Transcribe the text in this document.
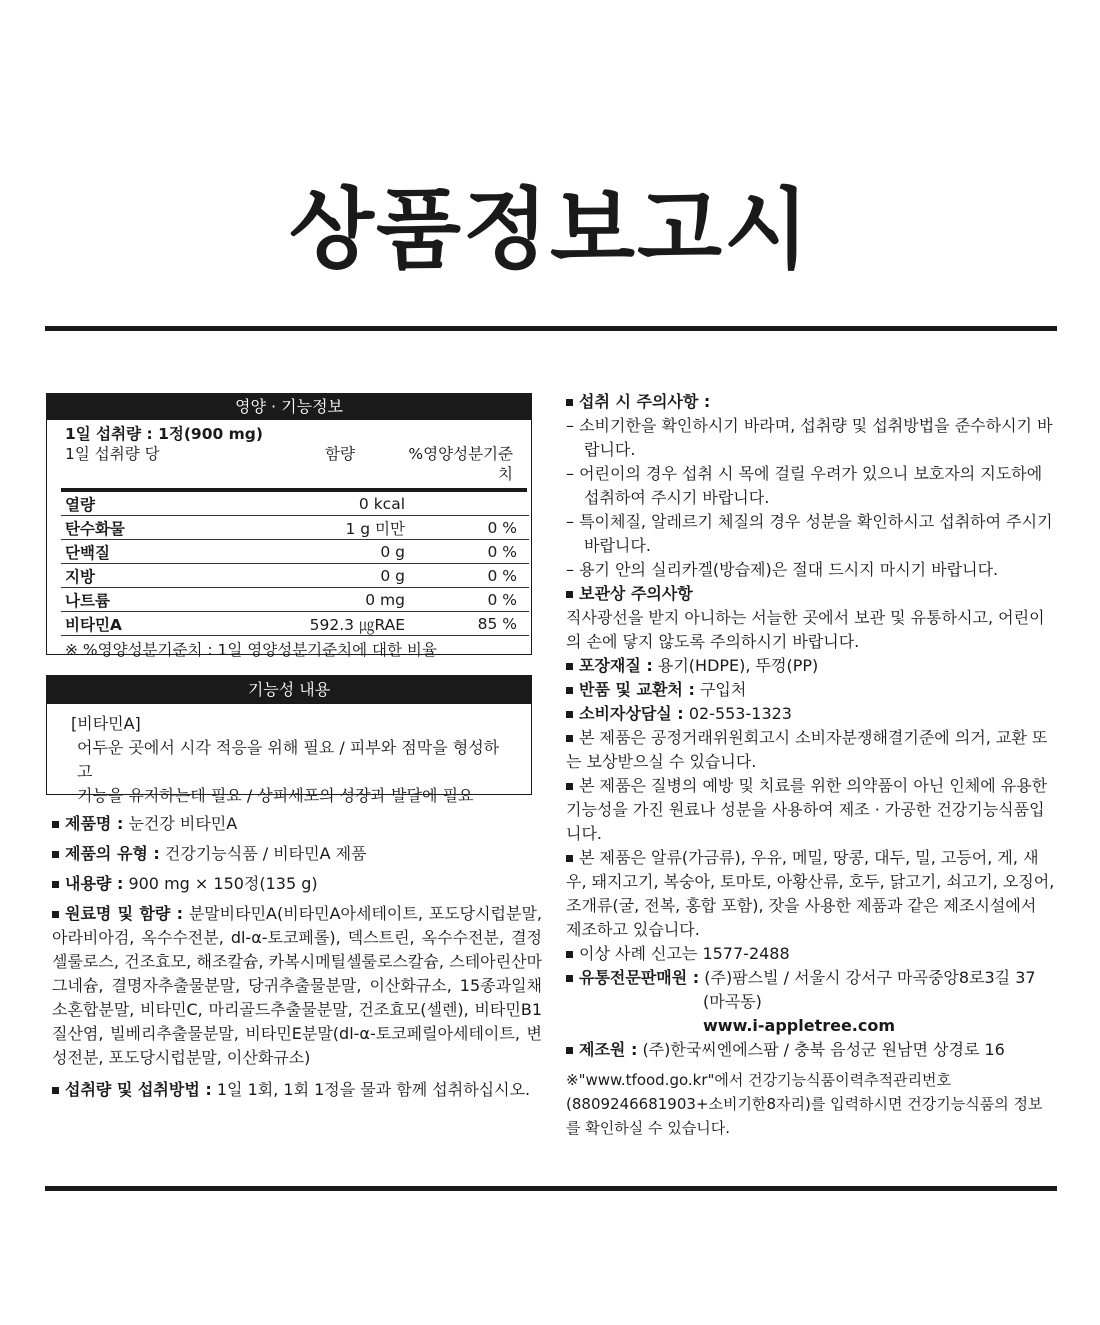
상품정보고시
영양 · 기능정보
1일 섭취량 : 1정(900 mg)
1일 섭취량 당	함량	%영양성분기준치
열량	0 kcal	
탄수화물	1 g 미만	0 %
단백질	0 g	0 %
지방	0 g	0 %
나트륨	0 mg	0 %
비타민A	592.3 ㎍RAE	85 %
※ %영양성분기준치 : 1일 영양성분기준치에 대한 비율
기능성 내용
[비타민A]
어두운 곳에서 시각 적응을 위해 필요 / 피부와 점막을 형성하고
기능을 유지하는데 필요 / 상피세포의 성장과 발달에 필요

제품명 : 눈건강 비타민A

제품의 유형 : 건강기능식품 / 비타민A 제품

내용량 : 900 mg × 150정(135 g)

원료명 및 함량 : 분말비타민A(비타민A아세테이트, 포도당시럽분말, 아라비아검, 옥수수전분, dl-α-토코페롤), 덱스트린, 옥수수전분, 결정셀룰로스, 건조효모, 해조칼슘, 카복시메틸셀룰로스칼슘, 스테아린산마그네슘, 결명자추출물분말, 당귀추출물분말, 이산화규소, 15종과일채소혼합분말, 비타민C, 마리골드추출물분말, 건조효모(셀렌), 비타민B1질산염, 빌베리추출물분말, 비타민E분말(dl-α-토코페릴아세테이트, 변성전분, 포도당시럽분말, 이산화규소)

섭취량 및 섭취방법 : 1일 1회, 1회 1정을 물과 함께 섭취하십시오.

섭취 시 주의사항 :

– 소비기한을 확인하시기 바라며, 섭취량 및 섭취방법을 준수하시기 바랍니다.

– 어린이의 경우 섭취 시 목에 걸릴 우려가 있으니 보호자의 지도하에 섭취하여 주시기 바랍니다.

– 특이체질, 알레르기 체질의 경우 성분을 확인하시고 섭취하여 주시기 바랍니다.

– 용기 안의 실리카겔(방습제)은 절대 드시지 마시기 바랍니다.

보관상 주의사항

직사광선을 받지 아니하는 서늘한 곳에서 보관 및 유통하시고, 어린이의 손에 닿지 않도록 주의하시기 바랍니다.

포장재질 : 용기(HDPE), 뚜껑(PP)

반품 및 교환처 : 구입처

소비자상담실 : 02-553-1323

본 제품은 공정거래위원회고시 소비자분쟁해결기준에 의거, 교환 또는 보상받으실 수 있습니다.

본 제품은 질병의 예방 및 치료를 위한 의약품이 아닌 인체에 유용한 기능성을 가진 원료나 성분을 사용하여 제조 · 가공한 건강기능식품입니다.

본 제품은 알류(가금류), 우유, 메밀, 땅콩, 대두, 밀, 고등어, 게, 새우, 돼지고기, 복숭아, 토마토, 아황산류, 호두, 닭고기, 쇠고기, 오징어, 조개류(굴, 전복, 홍합 포함), 잣을 사용한 제품과 같은 제조시설에서 제조하고 있습니다.

이상 사례 신고는 1577-2488

유통전문판매원 : (주)팜스빌 / 서울시 강서구 마곡중앙8로3길 37

(마곡동)

www.i-appletree.com

제조원 : (주)한국씨엔에스팜 / 충북 음성군 원남면 상경로 16

※"www.tfood.go.kr"에서 건강기능식품이력추적관리번호(8809246681903+소비기한8자리)를 입력하시면 건강기능식품의 정보를 확인하실 수 있습니다.
